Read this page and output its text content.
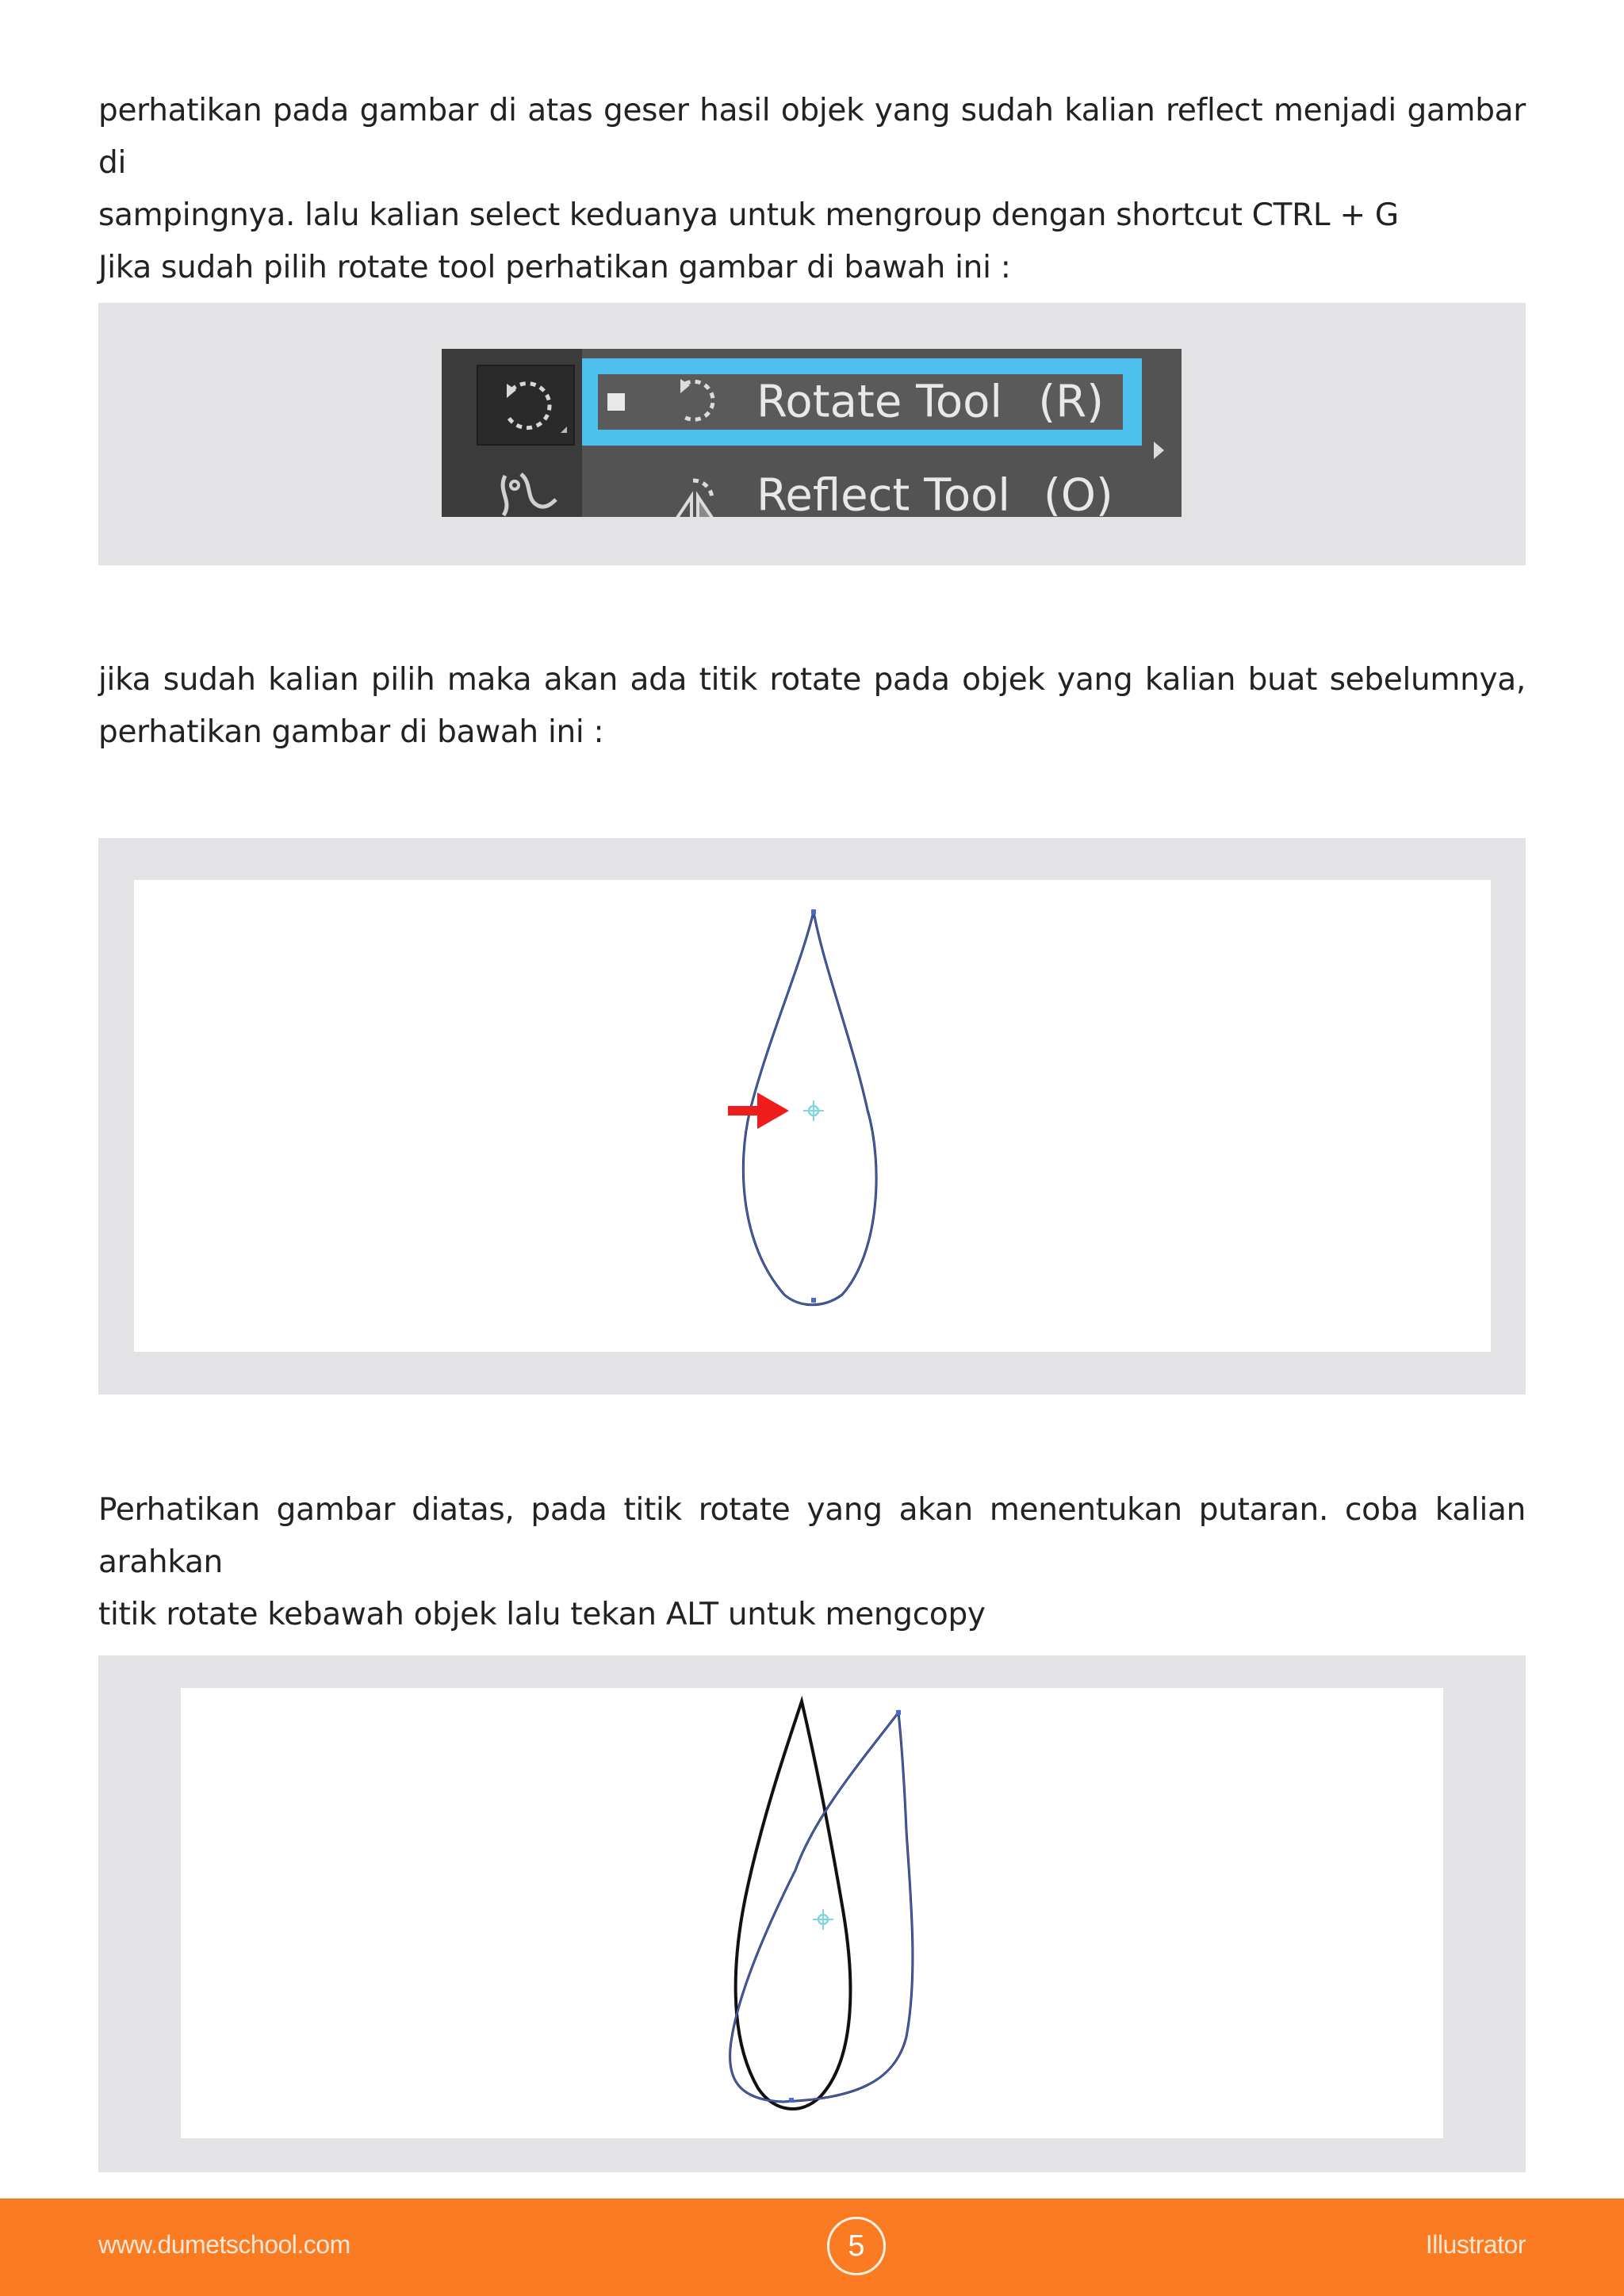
perhatikan pada gambar di atas geser hasil objek yang sudah kalian reflect menjadi gambar di
sampingnya. lalu kalian select keduanya untuk mengroup dengan shortcut CTRL + G
Jika sudah pilih rotate tool perhatikan gambar di bawah ini :

Rotate Tool (R)
Reflect Tool (O)

jika sudah kalian pilih maka akan ada titik rotate pada objek yang kalian buat sebelumnya,
perhatikan gambar di bawah ini :

Perhatikan gambar diatas, pada titik rotate yang akan menentukan putaran. coba kalian arahkan
titik rotate kebawah objek lalu tekan ALT untuk mengcopy

www.dumetschool.com	5	Illustrator
